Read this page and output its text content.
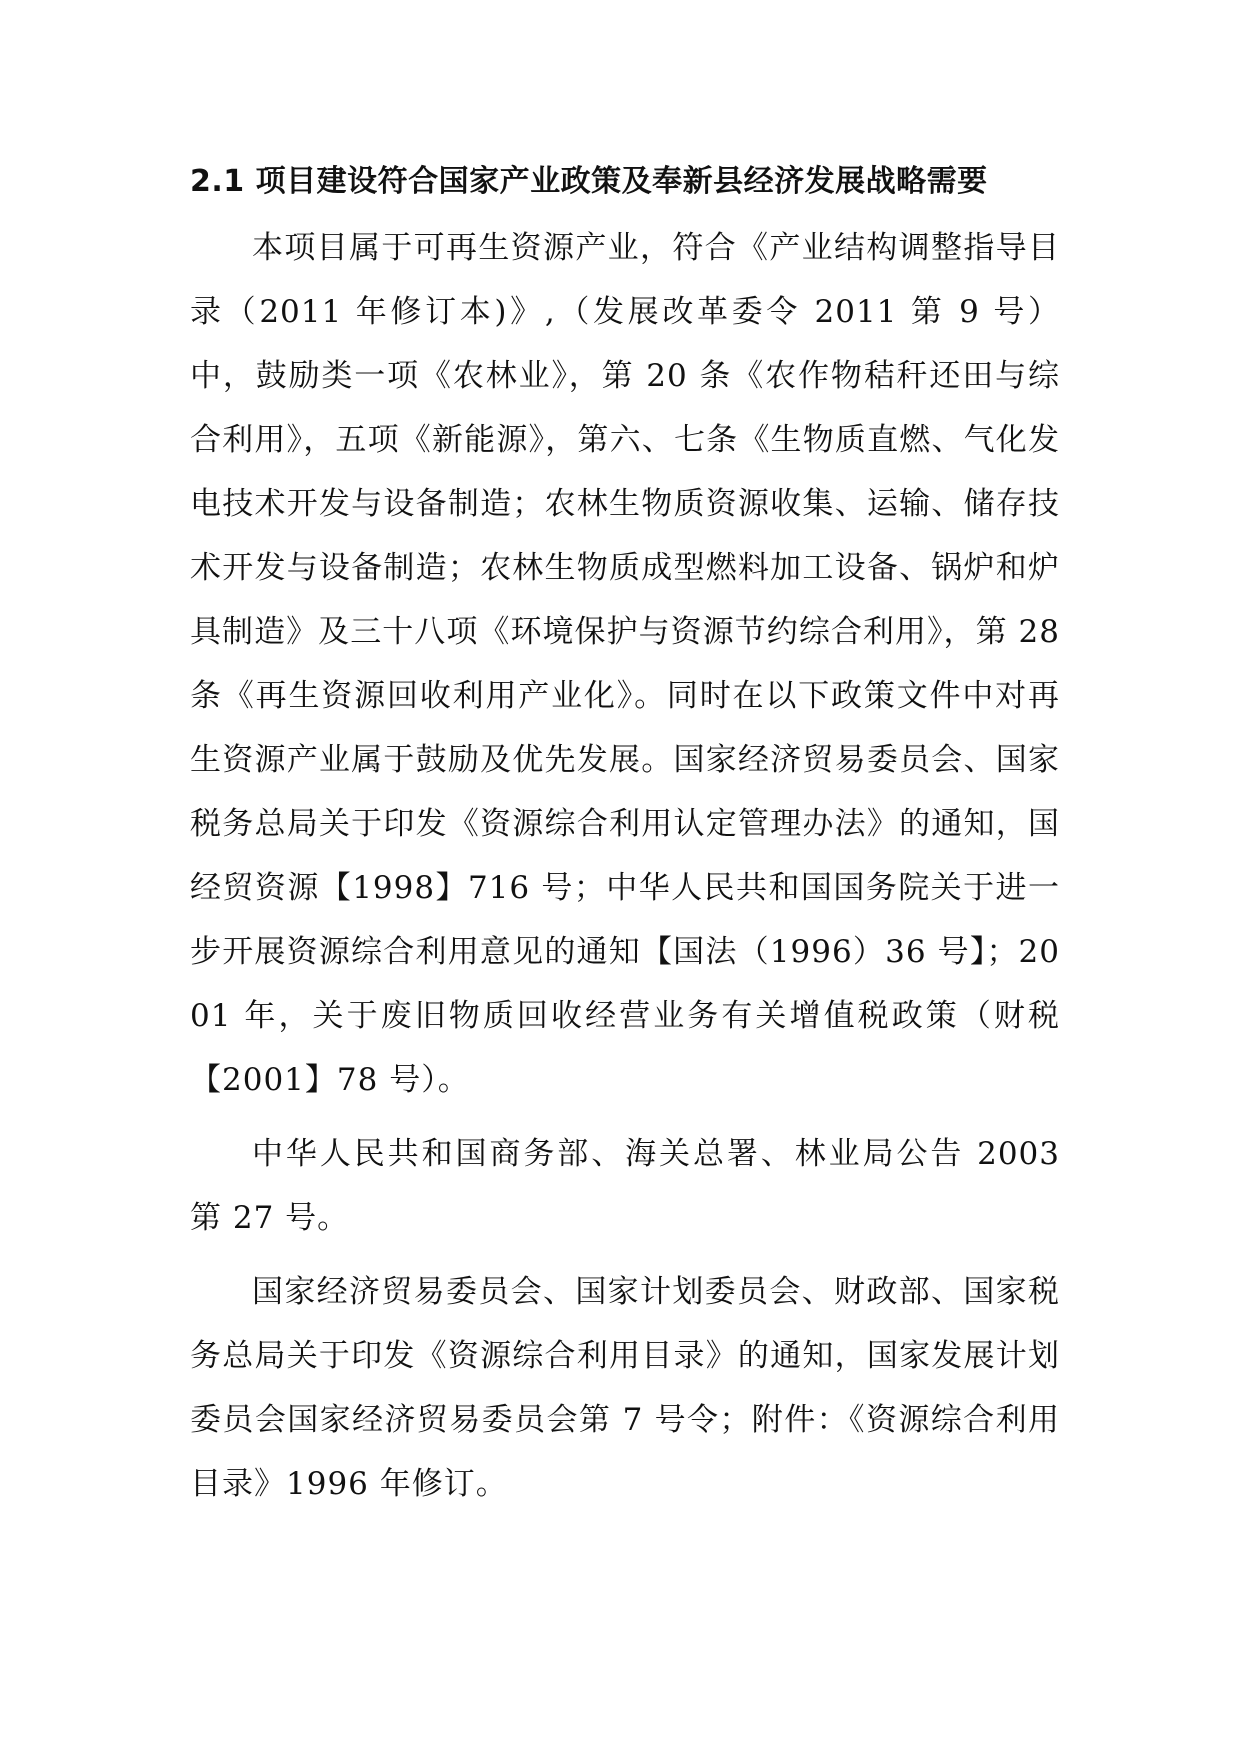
2.1 项目建设符合国家产业政策及奉新县经济发展战略需要

本项目属于可再生资源产业，符合《产业结构调整指导目录（2011 年修订本)》,（发展改革委令 2011 第 9 号）中，鼓励类一项《农林业》，第 20 条《农作物秸秆还田与综合利用》，五项《新能源》，第六、七条《生物质直燃、气化发电技术开发与设备制造；农林生物质资源收集、运输、储存技术开发与设备制造；农林生物质成型燃料加工设备、锅炉和炉具制造》及三十八项《环境保护与资源节约综合利用》，第 28 条《再生资源回收利用产业化》。同时在以下政策文件中对再生资源产业属于鼓励及优先发展。国家经济贸易委员会、国家税务总局关于印发《资源综合利用认定管理办法》的通知，国经贸资源【1998】716 号；中华人民共和国国务院关于进一步开展资源综合利用意见的通知【国法（1996）36 号】；2001 年，关于废旧物质回收经营业务有关增值税政策（财税【2001】78 号）。

中华人民共和国商务部、海关总署、林业局公告 2003 第 27 号。

国家经济贸易委员会、国家计划委员会、财政部、国家税务总局关于印发《资源综合利用目录》的通知，国家发展计划委员会国家经济贸易委员会第 7 号令；附件：《资源综合利用目录》1996 年修订。
